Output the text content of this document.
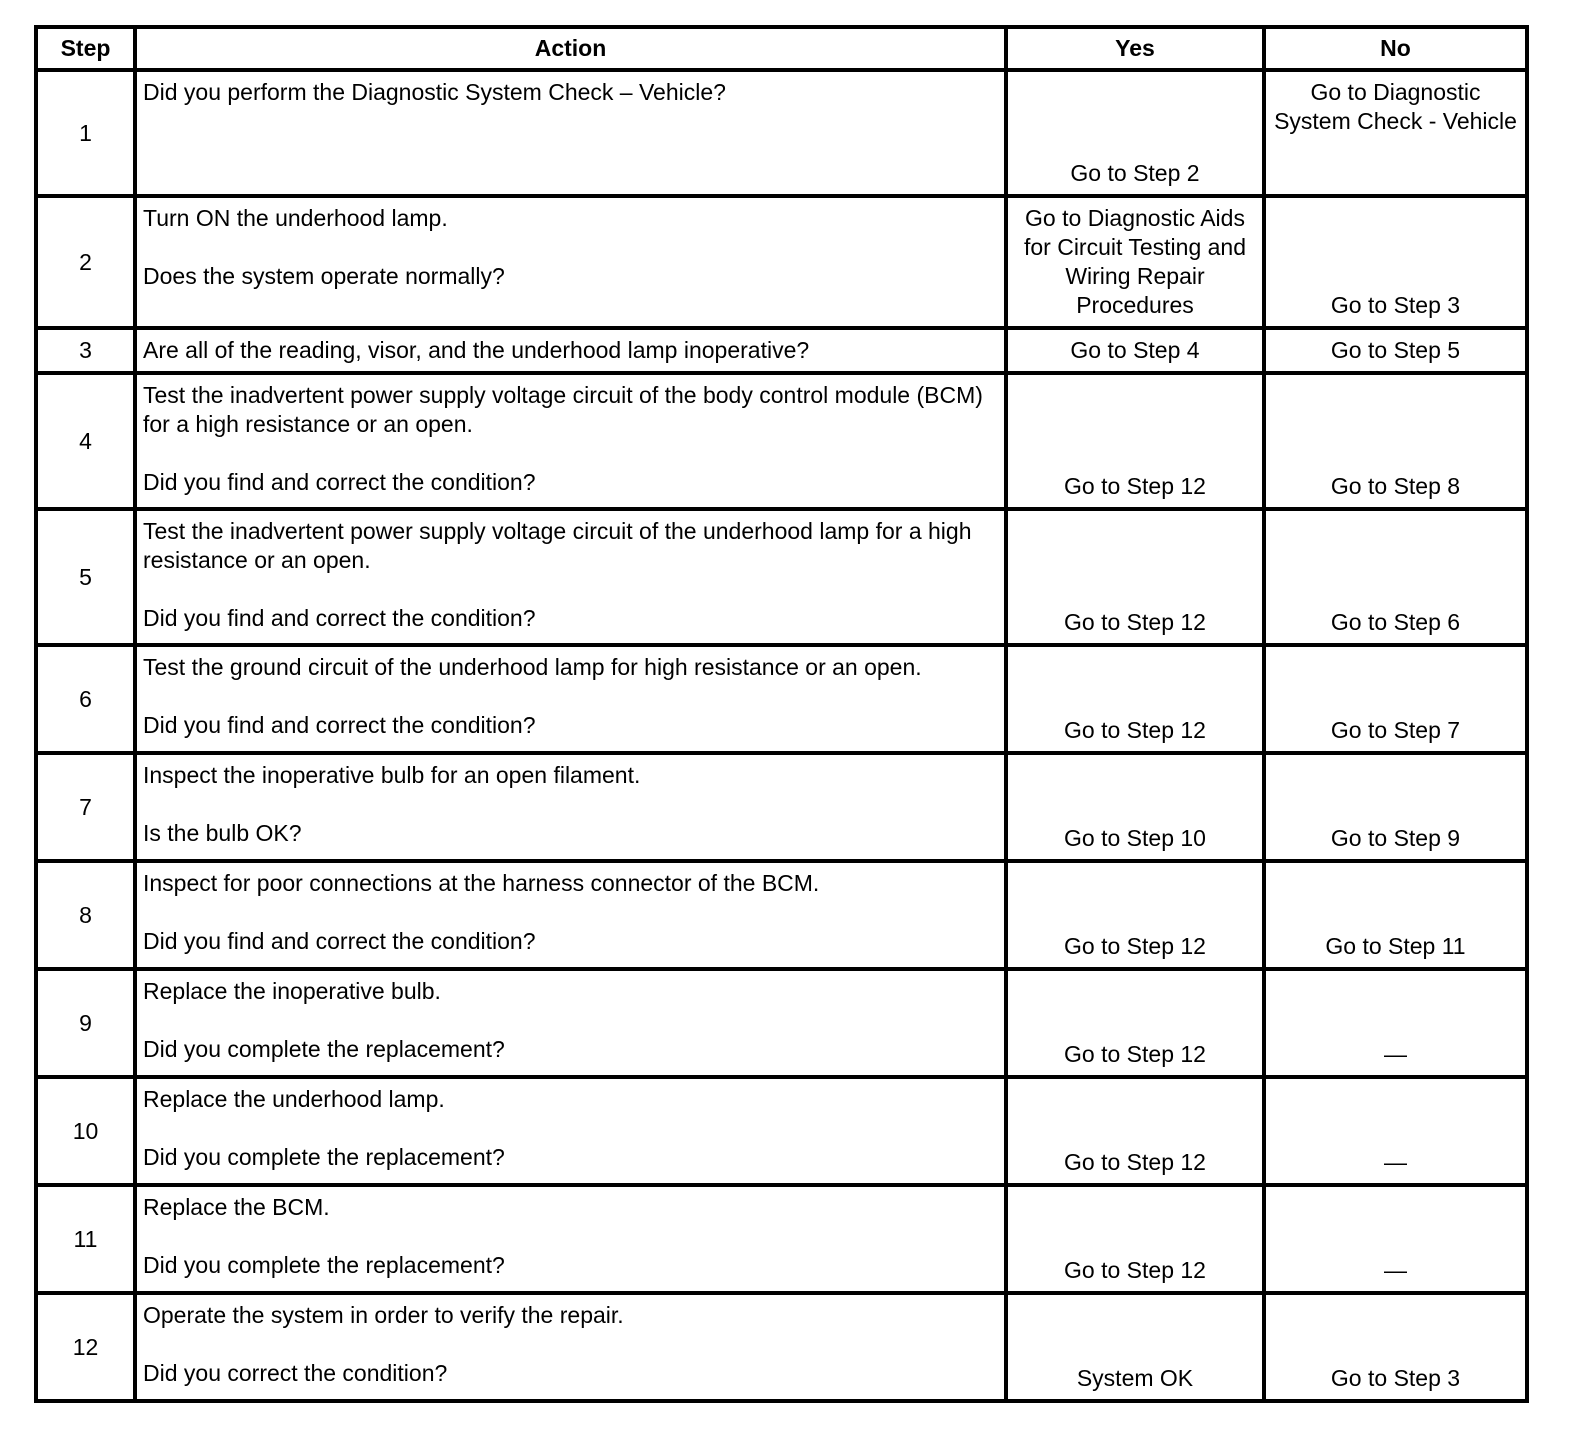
Step	Action	Yes	No
1	Did you perform the Diagnostic System Check – Vehicle?	Go to Step 2	Go to Diagnostic System Check - Vehicle
2	Turn ON the underhood lamp.
Does the system operate normally?	Go to Diagnostic Aids for Circuit Testing and Wiring Repair Procedures	Go to Step 3
3	Are all of the reading, visor, and the underhood lamp inoperative?	Go to Step 4	Go to Step 5
4	Test the inadvertent power supply voltage circuit of the body control module (BCM) for a high resistance or an open.
Did you find and correct the condition?	Go to Step 12	Go to Step 8
5	Test the inadvertent power supply voltage circuit of the underhood lamp for a high resistance or an open.
Did you find and correct the condition?	Go to Step 12	Go to Step 6
6	Test the ground circuit of the underhood lamp for high resistance or an open.
Did you find and correct the condition?	Go to Step 12	Go to Step 7
7	Inspect the inoperative bulb for an open filament.
Is the bulb OK?	Go to Step 10	Go to Step 9
8	Inspect for poor connections at the harness connector of the BCM.
Did you find and correct the condition?	Go to Step 12	Go to Step 11
9	Replace the inoperative bulb.
Did you complete the replacement?	Go to Step 12	—
10	Replace the underhood lamp.
Did you complete the replacement?	Go to Step 12	—
11	Replace the BCM.
Did you complete the replacement?	Go to Step 12	—
12	Operate the system in order to verify the repair.
Did you correct the condition?	System OK	Go to Step 3
